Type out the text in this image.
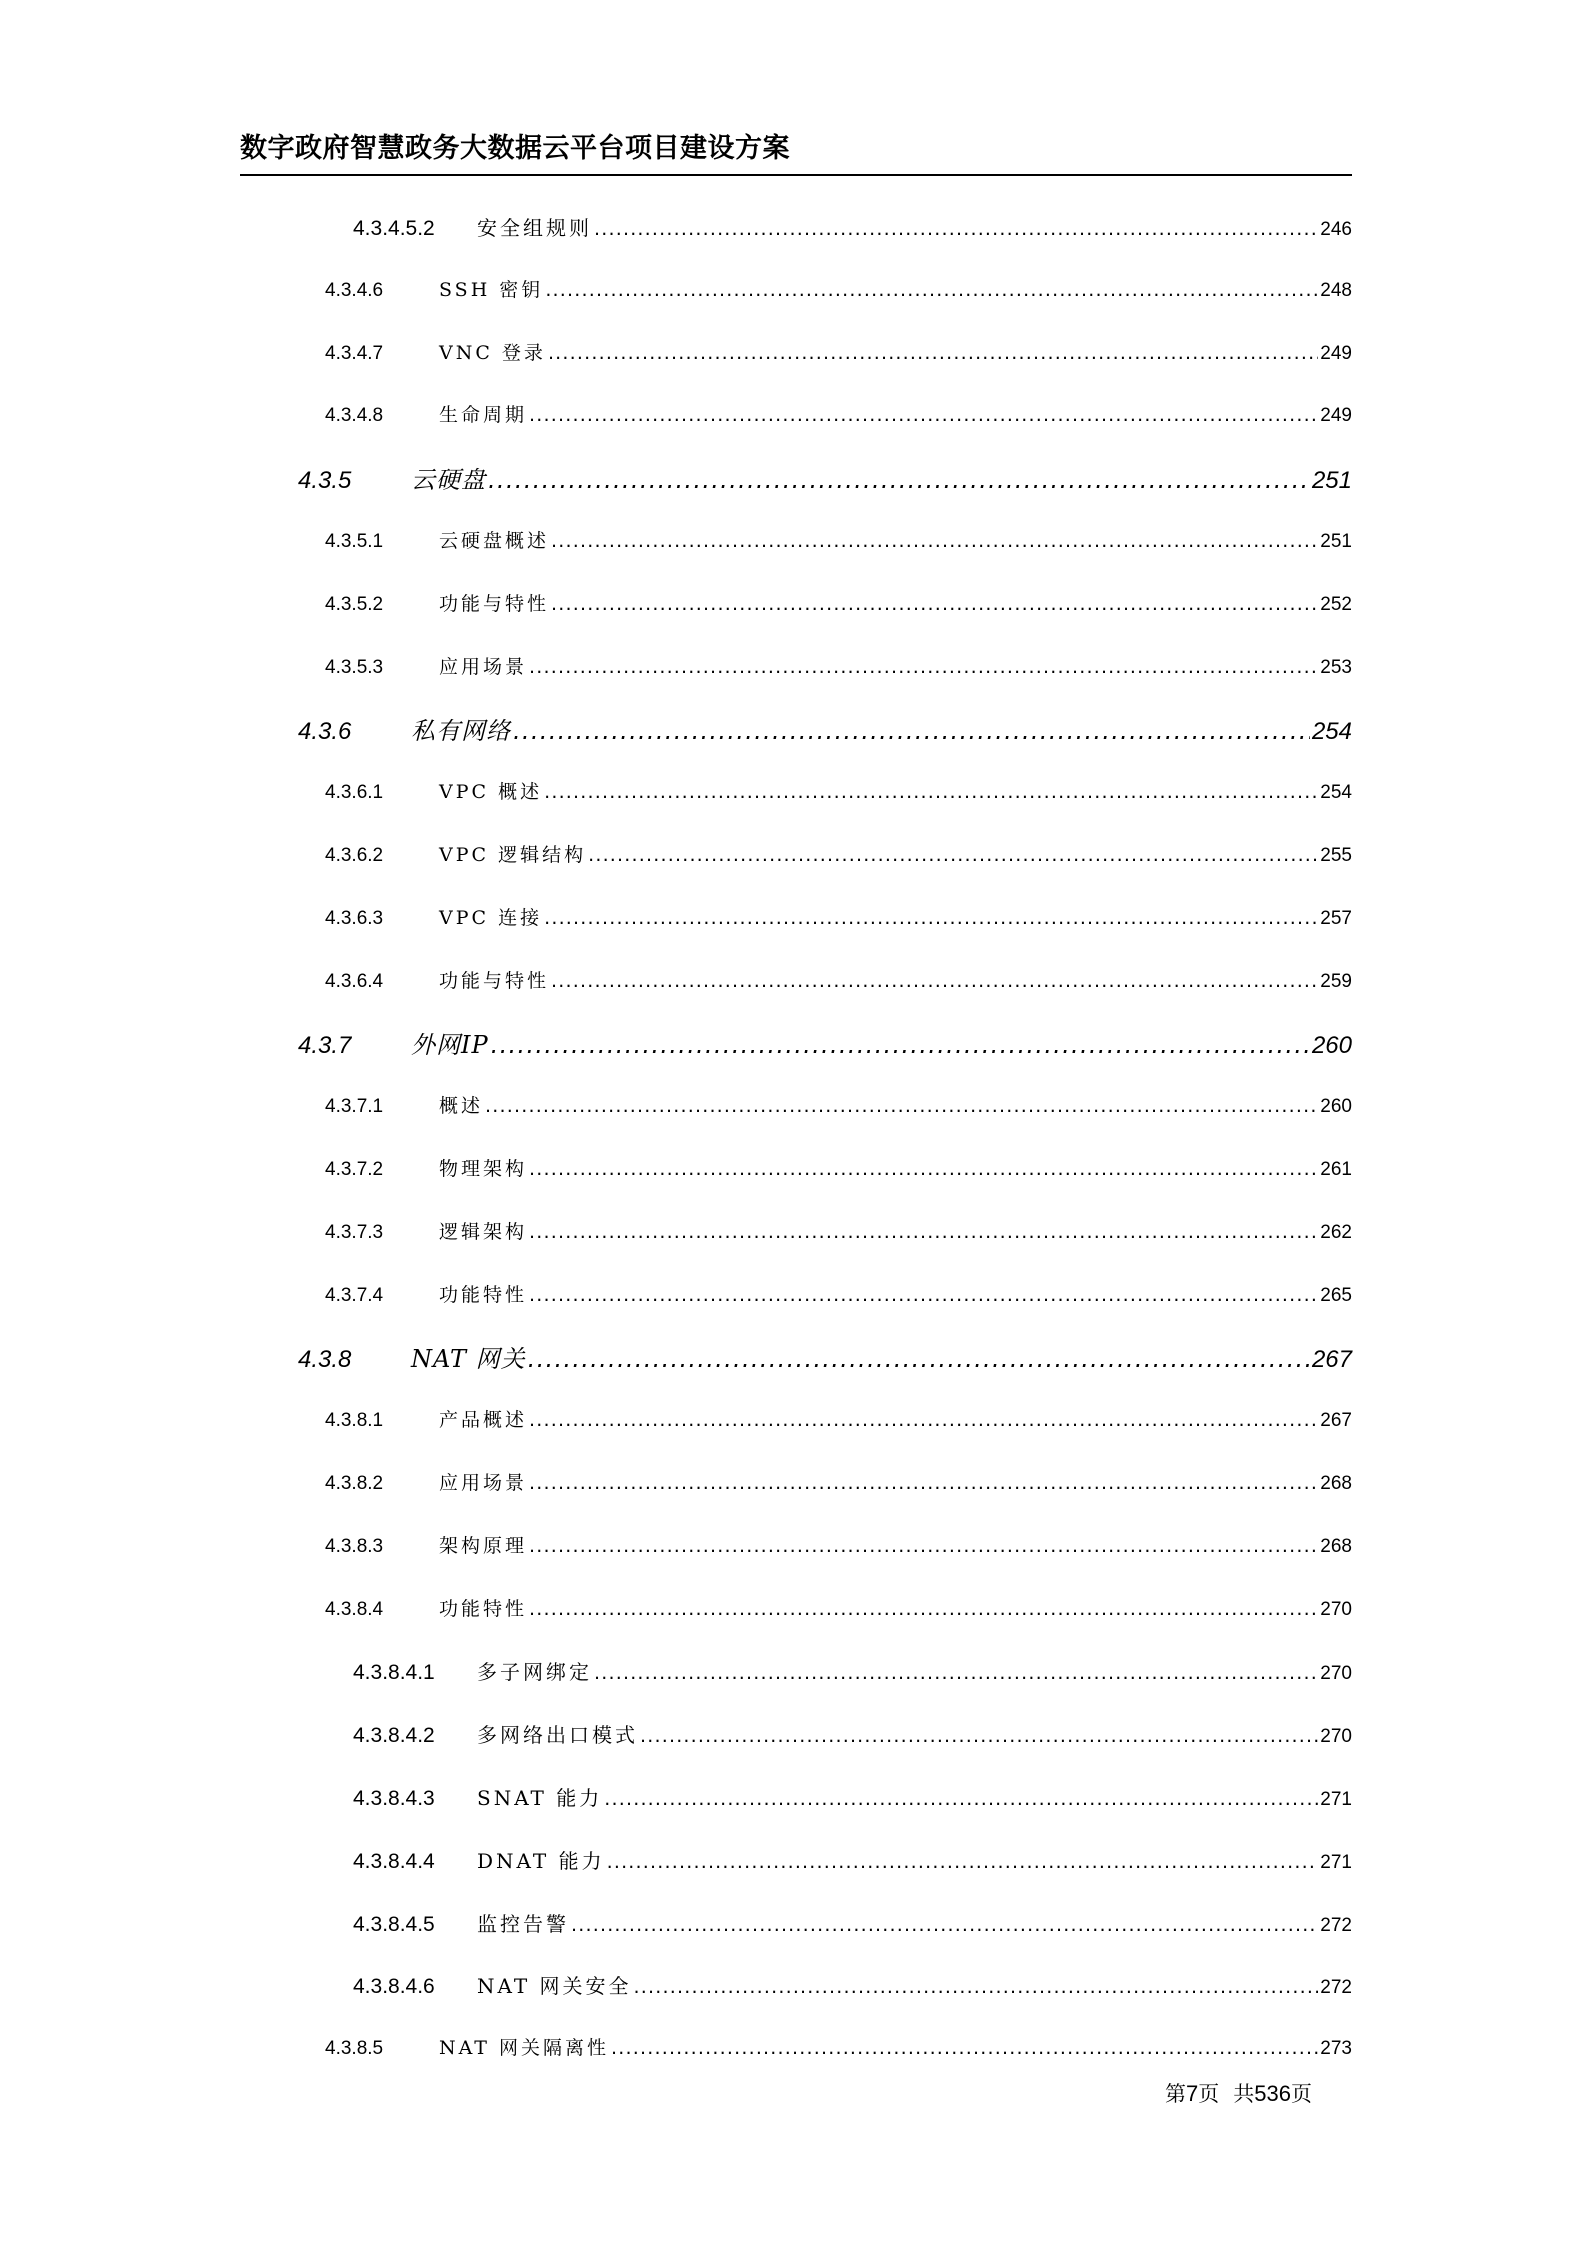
数字政府智慧政务大数据云平台项目建设方案
4.3.4.5.2	安全组规则 .....	246
4.3.4.6	SSH 密钥 .....	248
4.3.4.7	VNC 登录 .....	249
4.3.4.8	生命周期 .....	249
4.3.5	云硬盘 .....	251
4.3.5.1	云硬盘概述 .....	251
4.3.5.2	功能与特性 .....	252
4.3.5.3	应用场景 .....	253
4.3.6	私有网络 .....	254
4.3.6.1	VPC 概述 .....	254
4.3.6.2	VPC 逻辑结构 .....	255
4.3.6.3	VPC 连接 .....	257
4.3.6.4	功能与特性 .....	259
4.3.7	外网IP .....	260
4.3.7.1	概述 .....	260
4.3.7.2	物理架构 .....	261
4.3.7.3	逻辑架构 .....	262
4.3.7.4	功能特性 .....	265
4.3.8	NAT 网关 .....	267
4.3.8.1	产品概述 .....	267
4.3.8.2	应用场景 .....	268
4.3.8.3	架构原理 .....	268
4.3.8.4	功能特性 .....	270
4.3.8.4.1	多子网绑定 .....	270
4.3.8.4.2	多网络出口模式 .....	270
4.3.8.4.3	SNAT 能力 .....	271
4.3.8.4.4	DNAT 能力 .....	271
4.3.8.4.5	监控告警 .....	272
4.3.8.4.6	NAT 网关安全 .....	272
4.3.8.5	NAT 网关隔离性 .....	273
第7页 共536页
